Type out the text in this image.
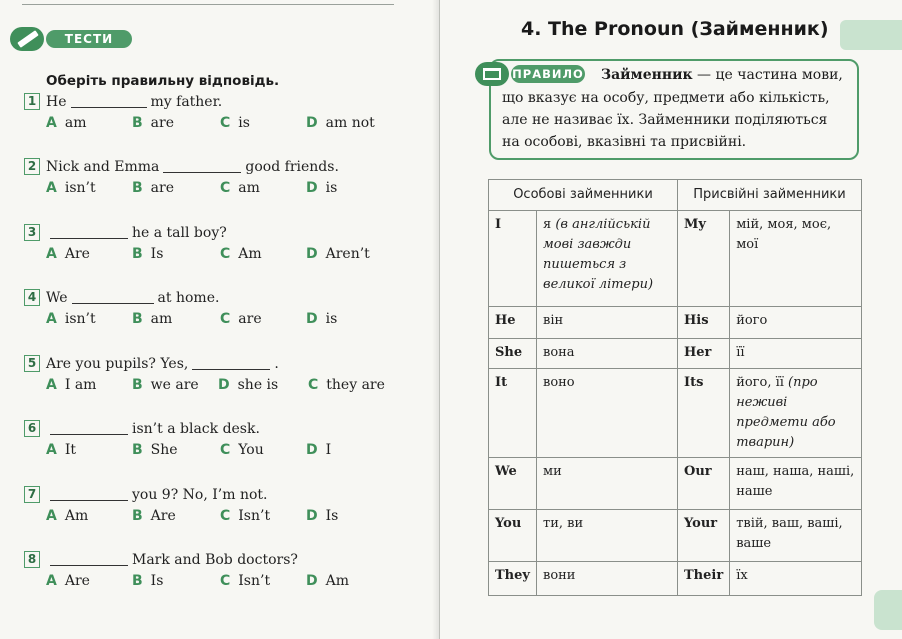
ТЕСТИ
Оберіть правильну відповідь.
1 He	my father.
A am	B are	C is	D am not
2 Nick and Emma	good friends.
A isn’t	B are	C am	D is
3	he a tall boy?
A Are	B Is	C Am	D Aren’t
4 We	at home.
A isn’t	B am	C are	D is
5 Are you pupils? Yes,	.
A I am	B we are D she is C they are
6	isn’t a black desk.
A It	B She	C You	D I
7	you 9? No, I’m not.
A Am	B Are	C Isn’t	D Is
8	Mark and Bob doctors?
A Are	B Is	C Isn’t	D Am
4. The Pronoun (Займенник)
ПРАВИЛО Займенник — це частина мови,
що вказує на особу, предмети або кількість,
але не називає їх. Займенники поділяються
на особові, вказівні та присвійні.
Особові займенники		Присвійні займенники	
I	я (в англійській мові завжди пишеться з великої літери)	My	мій, моя, моє, мої
He	він	His	його
She	вона	Her	її
It	воно	Its	його, її (про неживі предмети або тварин)
We	ми	Our	наш, наша, наші, наше
You	ти, ви	Your	твій, ваш, ваші, ваше
They	вони	Their	їх
